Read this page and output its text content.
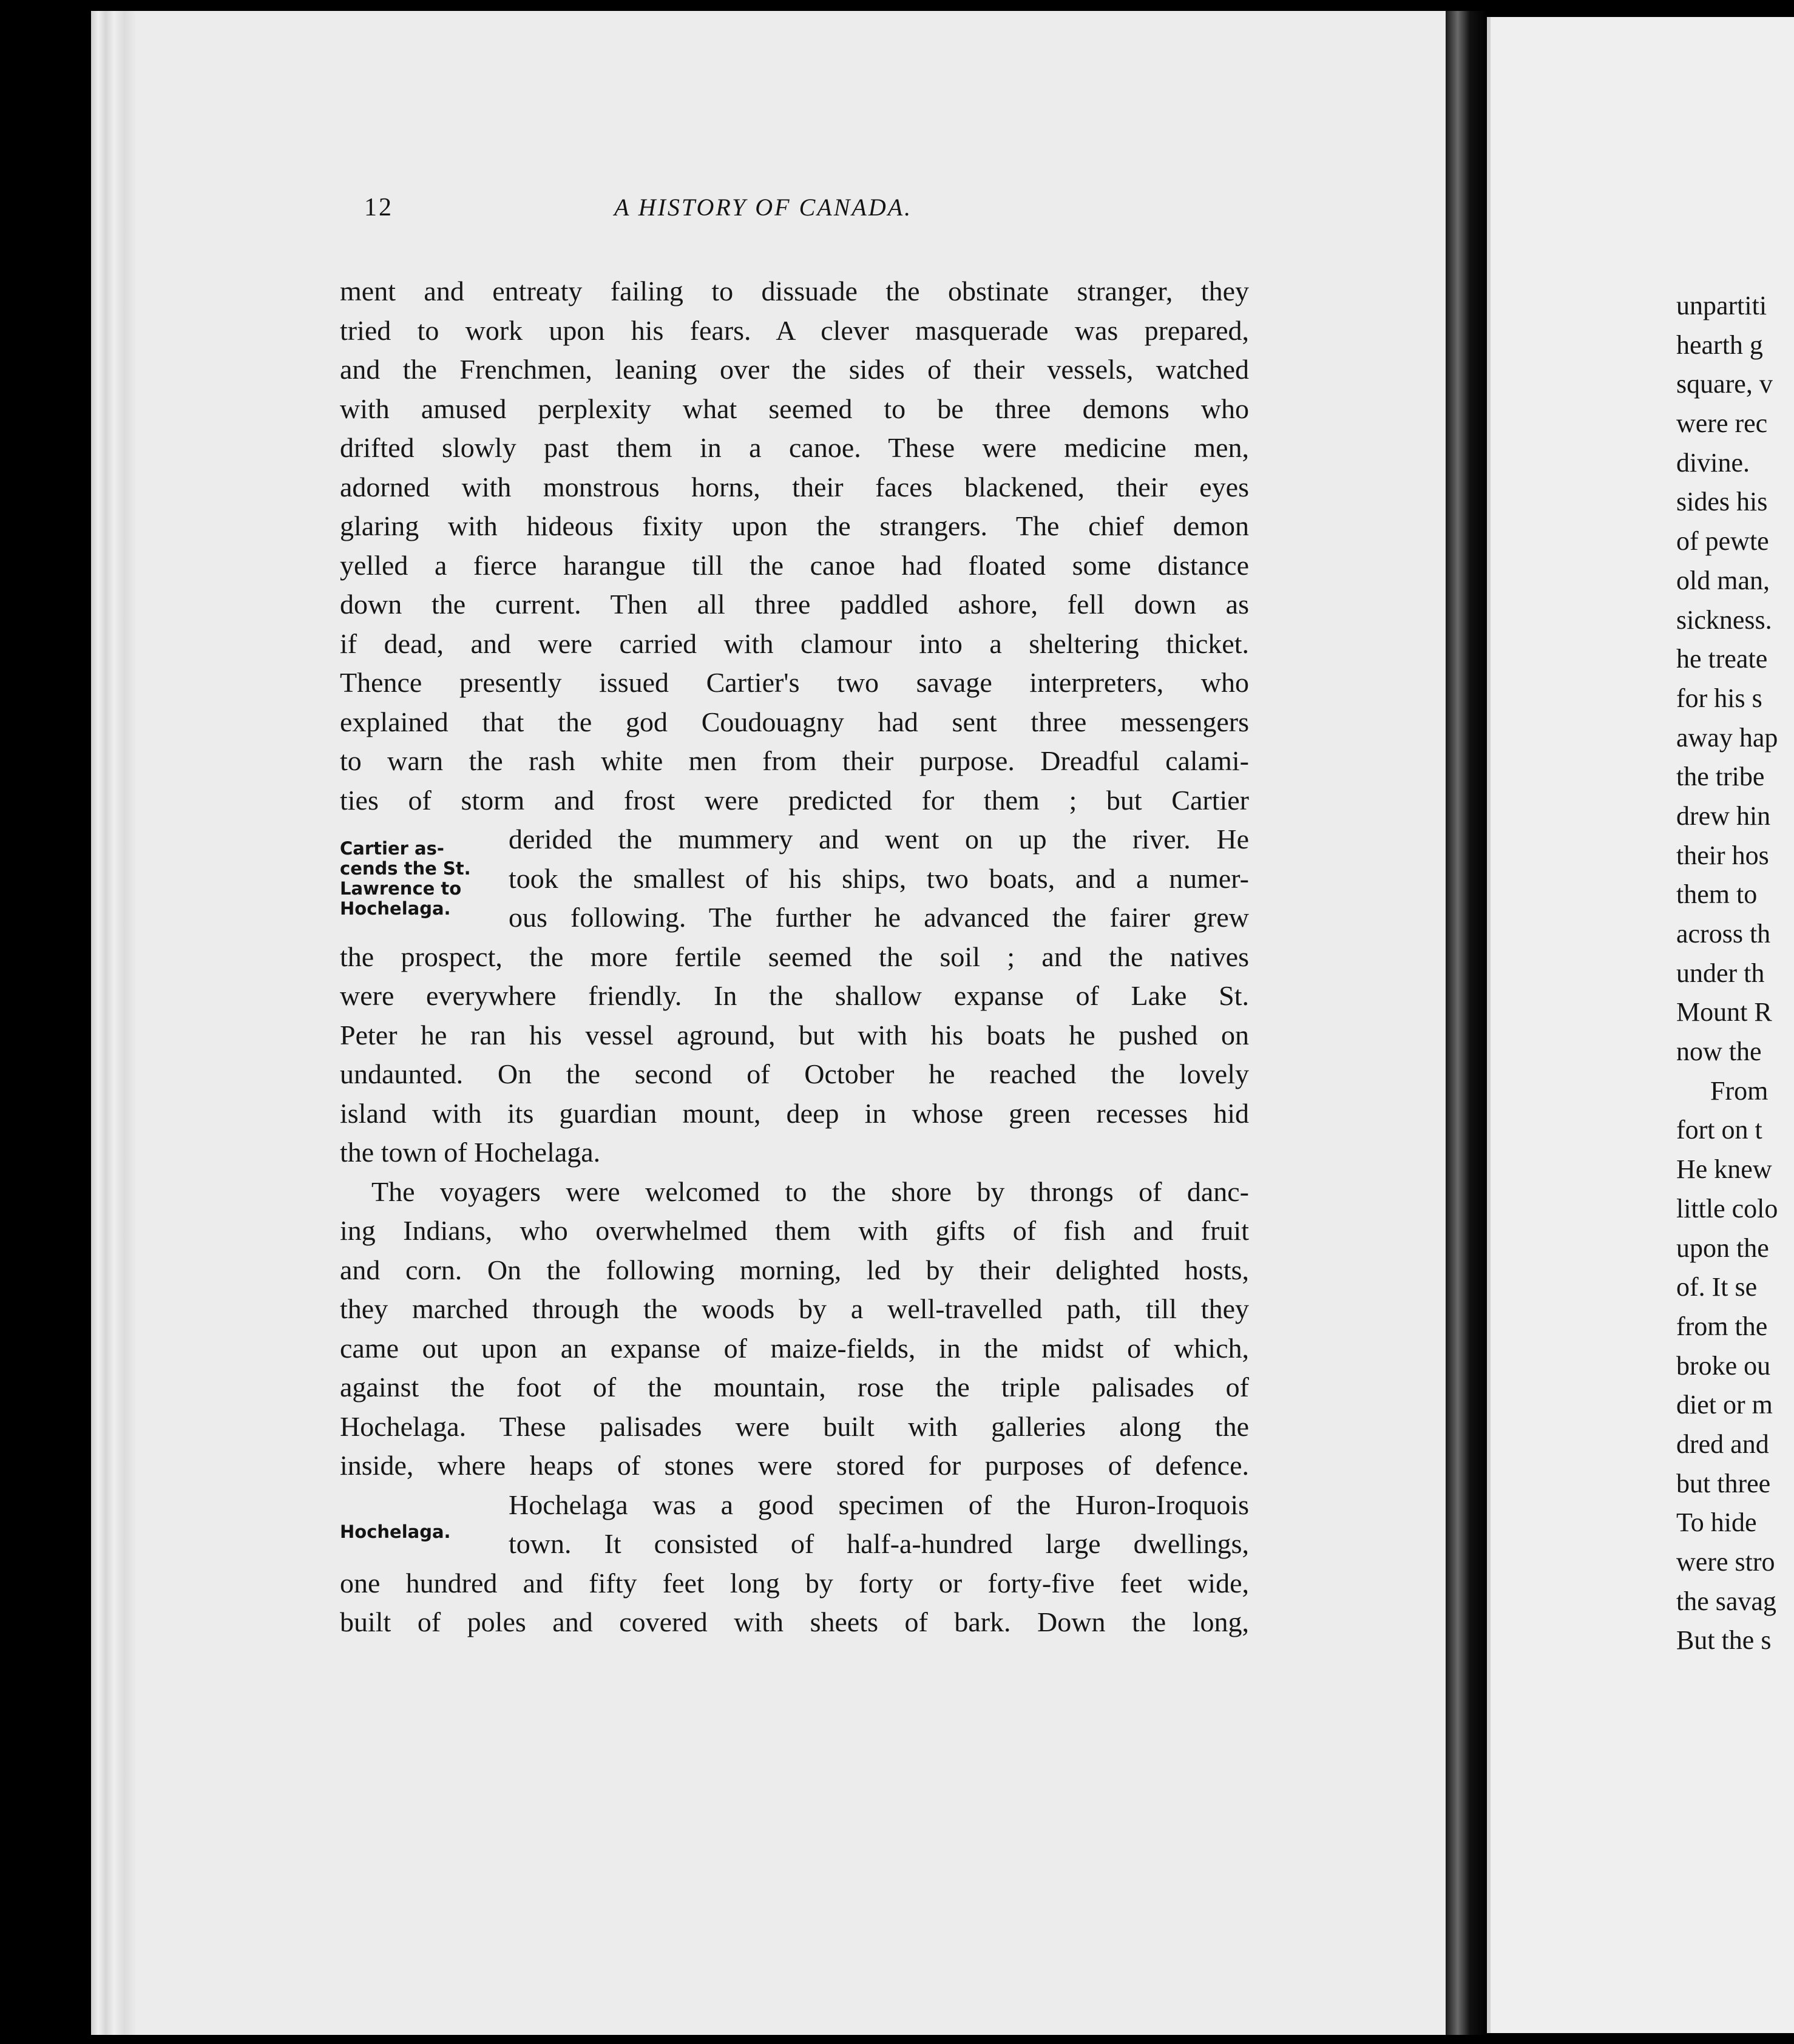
12	A HISTORY OF CANADA.
ment and entreaty failing to dissuade the obstinate stranger, they
tried to work upon his fears. A clever masquerade was prepared,
and the Frenchmen, leaning over the sides of their vessels, watched
with amused perplexity what seemed to be three demons who
drifted slowly past them in a canoe. These were medicine men,
adorned with monstrous horns, their faces blackened, their eyes
glaring with hideous fixity upon the strangers. The chief demon
yelled a fierce harangue till the canoe had floated some distance
down the current. Then all three paddled ashore, fell down as
if dead, and were carried with clamour into a sheltering thicket.
Thence presently issued Cartier's two savage interpreters, who
explained that the god Coudouagny had sent three messengers
to warn the rash white men from their purpose. Dreadful calami-
ties of storm and frost were predicted for them ; but Cartier
derided the mummery and went on up the river. He
took the smallest of his ships, two boats, and a numer-
ous following. The further he advanced the fairer grew
the prospect, the more fertile seemed the soil ; and the natives
were everywhere friendly. In the shallow expanse of Lake St.
Peter he ran his vessel aground, but with his boats he pushed on
undaunted. On the second of October he reached the lovely
island with its guardian mount, deep in whose green recesses hid
the town of Hochelaga.
The voyagers were welcomed to the shore by throngs of danc-
ing Indians, who overwhelmed them with gifts of fish and fruit
and corn. On the following morning, led by their delighted hosts,
they marched through the woods by a well-travelled path, till they
came out upon an expanse of maize-fields, in the midst of which,
against the foot of the mountain, rose the triple palisades of
Hochelaga. These palisades were built with galleries along the
inside, where heaps of stones were stored for purposes of defence.
Hochelaga was a good specimen of the Huron-Iroquois
town. It consisted of half-a-hundred large dwellings,
one hundred and fifty feet long by forty or forty-five feet wide,
built of poles and covered with sheets of bark. Down the long,
Cartier as-
cends the St.
Lawrence to
Hochelaga.
Hochelaga.
unpartiti
hearth g
square, v
were rec
divine.
sides his
of pewte
old man,
sickness.
he treate
for his s
away hap
the tribe
drew hin
their hos
them to
across th
under th
Mount R
now the
From
fort on t
He knew
little colo
upon the
of. It se
from the
broke ou
diet or m
dred and
but three
To hide
were stro
the savag
But the s
